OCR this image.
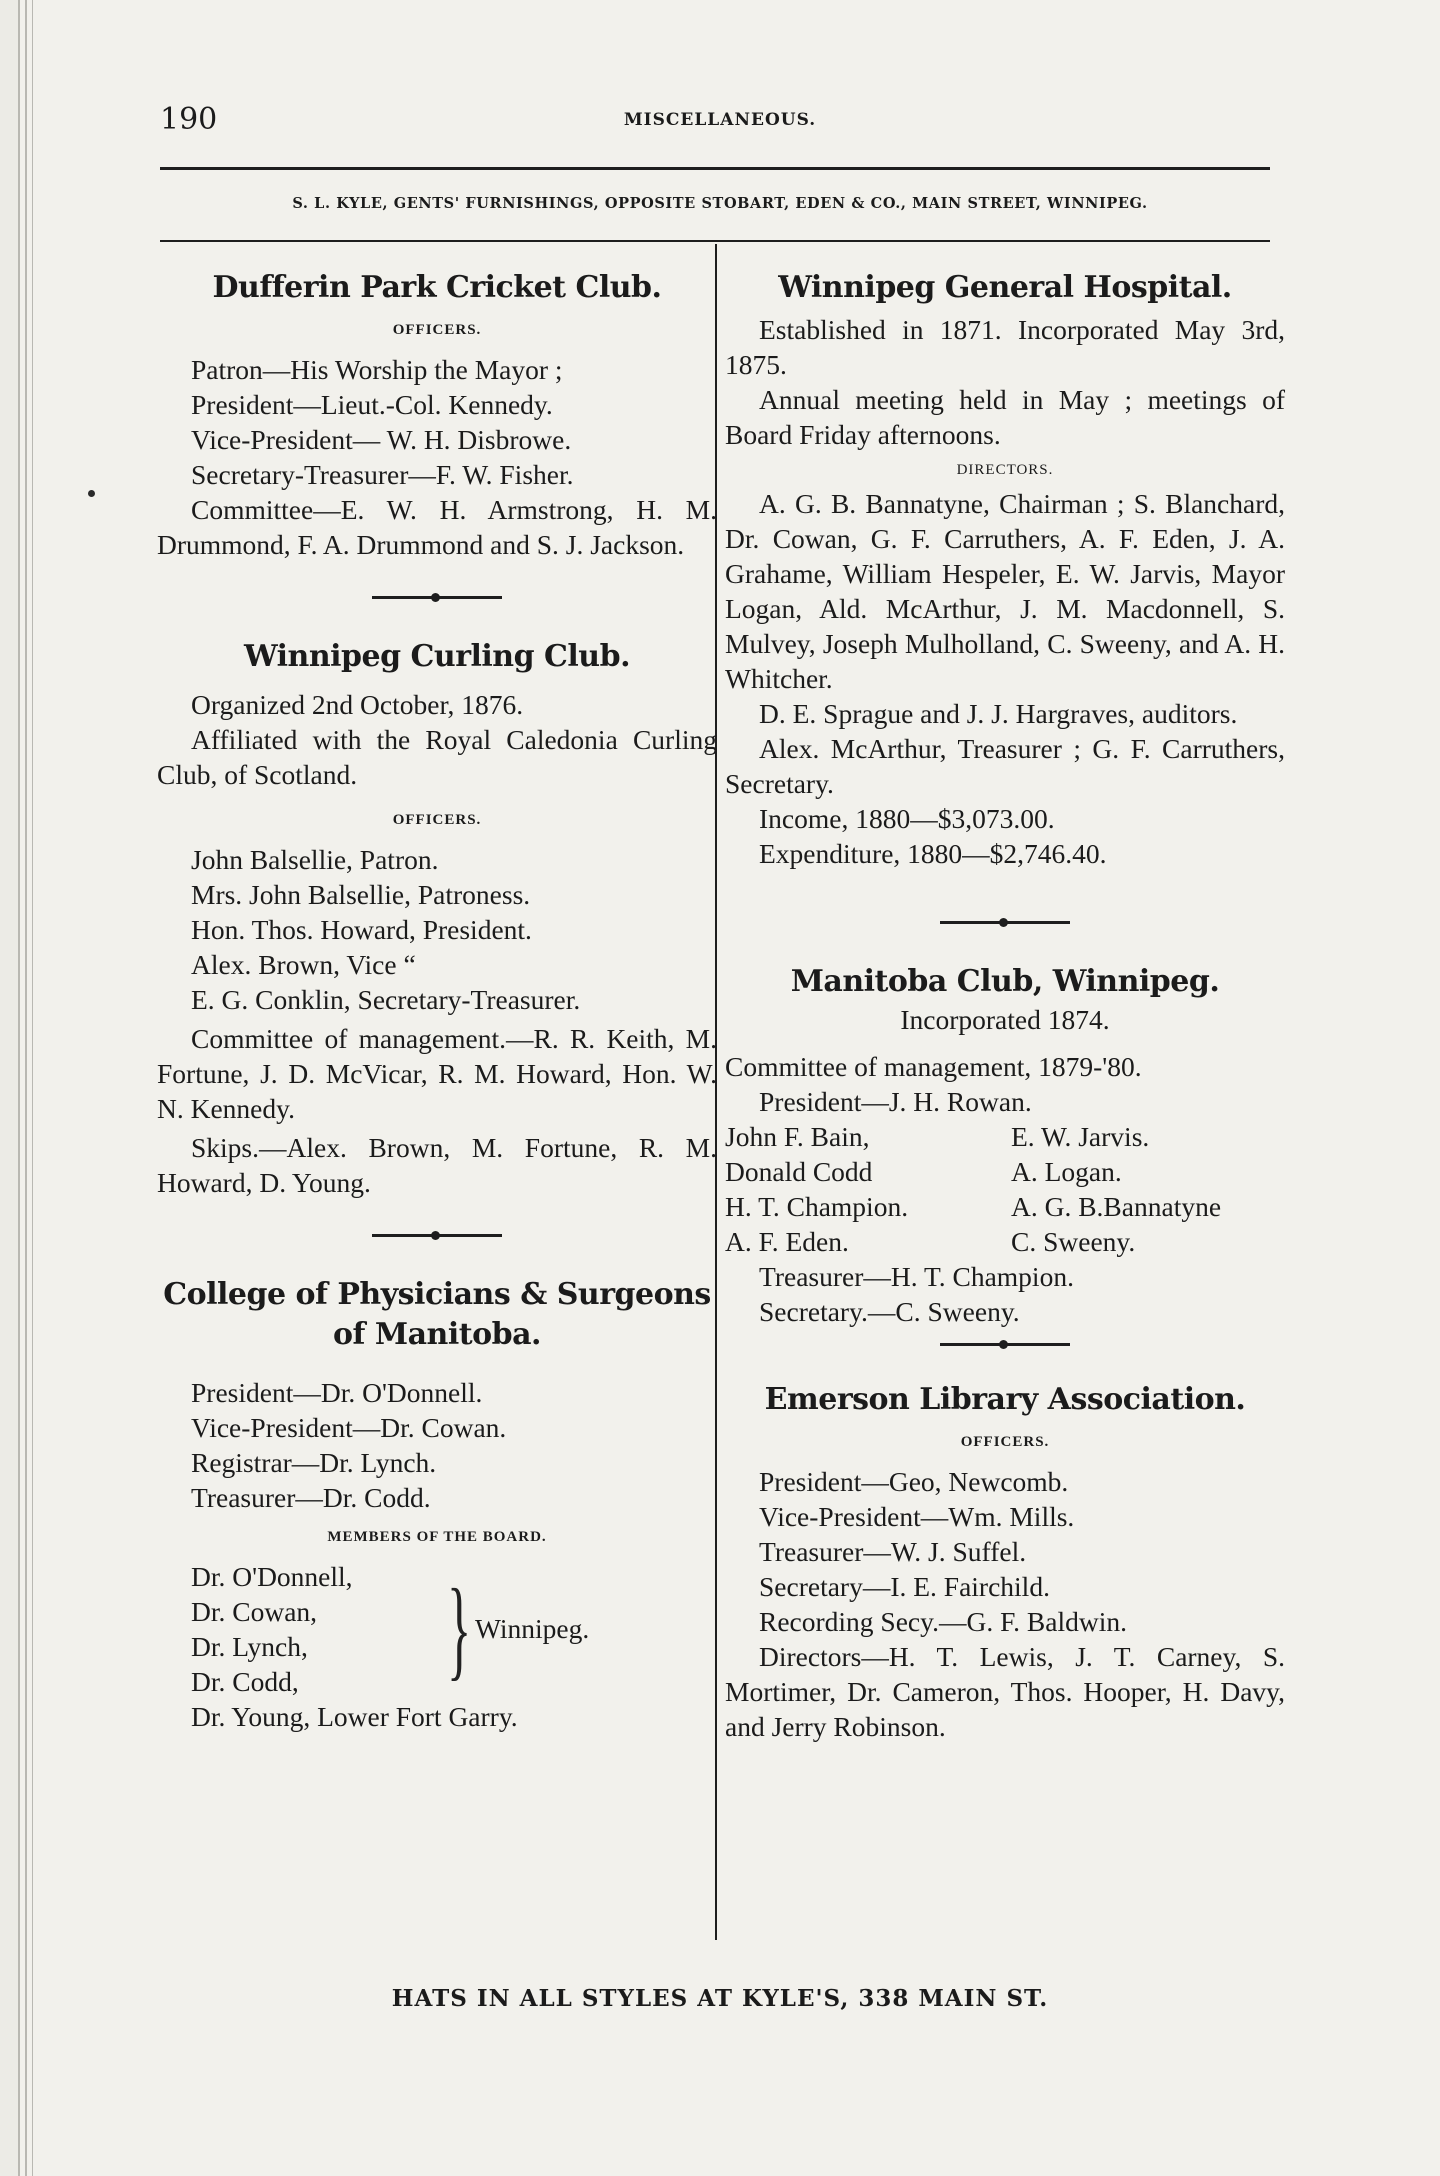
190	MISCELLANEOUS.
S. L. KYLE, GENTS' FURNISHINGS, OPPOSITE STOBART, EDEN & CO., MAIN STREET, WINNIPEG.
Dufferin Park Cricket Club.
OFFICERS.
Patron—His Worship the Mayor ;
President—Lieut.-Col. Kennedy.
Vice-President— W. H. Disbrowe.
Secretary-Treasurer—F. W. Fisher.
Committee—E. W. H. Armstrong, H. M. Drummond, F. A. Drummond and S. J. Jackson.
Winnipeg Curling Club.
Organized 2nd October, 1876.
Affiliated with the Royal Caledonia Curling Club, of Scotland.
OFFICERS.
John Balsellie, Patron.
Mrs. John Balsellie, Patroness.
Hon. Thos. Howard, President.
Alex. Brown, Vice “
E. G. Conklin, Secretary-Treasurer.
Committee of management.—R. R. Keith, M. Fortune, J. D. McVicar, R. M. Howard, Hon. W. N. Kennedy.
Skips.—Alex. Brown, M. Fortune, R. M. Howard, D. Young.
College of Physicians & Surgeons
of Manitoba.
President—Dr. O'Donnell.
Vice-President—Dr. Cowan.
Registrar—Dr. Lynch.
Treasurer—Dr. Codd.
MEMBERS OF THE BOARD.
Dr. O'Donnell,
Dr. Cowan,
Dr. Lynch,
Dr. Codd,	} Winnipeg.
Dr. Young, Lower Fort Garry.
Winnipeg General Hospital.
Established in 1871. Incorporated May 3rd, 1875.
Annual meeting held in May ; meetings of Board Friday afternoons.
DIRECTORS.
A. G. B. Bannatyne, Chairman ; S. Blanchard, Dr. Cowan, G. F. Carruthers, A. F. Eden, J. A. Grahame, William Hespeler, E. W. Jarvis, Mayor Logan, Ald. McArthur, J. M. Macdonnell, S. Mulvey, Joseph Mulholland, C. Sweeny, and A. H. Whitcher.
D. E. Sprague and J. J. Hargraves, auditors.
Alex. McArthur, Treasurer ; G. F. Carruthers, Secretary.
Income, 1880—$3,073.00.
Expenditure, 1880—$2,746.40.
Manitoba Club, Winnipeg.
Incorporated 1874.
Committee of management, 1879-'80.
President—J. H. Rowan.
John F. Bain,	E. W. Jarvis.
Donald Codd	A. Logan.
H. T. Champion.	A. G. B.Bannatyne
A. F. Eden.	C. Sweeny.
Treasurer—H. T. Champion.
Secretary.—C. Sweeny.
Emerson Library Association.
OFFICERS.
President—Geo, Newcomb.
Vice-President—Wm. Mills.
Treasurer—W. J. Suffel.
Secretary—I. E. Fairchild.
Recording Secy.—G. F. Baldwin.
Directors—H. T. Lewis, J. T. Carney, S. Mortimer, Dr. Cameron, Thos. Hooper, H. Davy, and Jerry Robinson.
HATS IN ALL STYLES AT KYLE'S, 338 MAIN ST.
